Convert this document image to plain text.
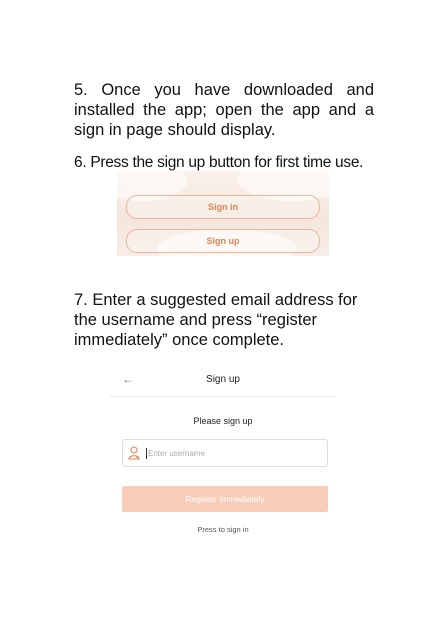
5. Once you have downloaded and installed the app; open the app and a sign in page should display.

6. Press the sign up button for first time use.

Sign in
Sign up

7. Enter a suggested email address for the username and press “register immediately” once complete.

←	Sign up
Please sign up
Enter username
Register immediately
Press to sign in
